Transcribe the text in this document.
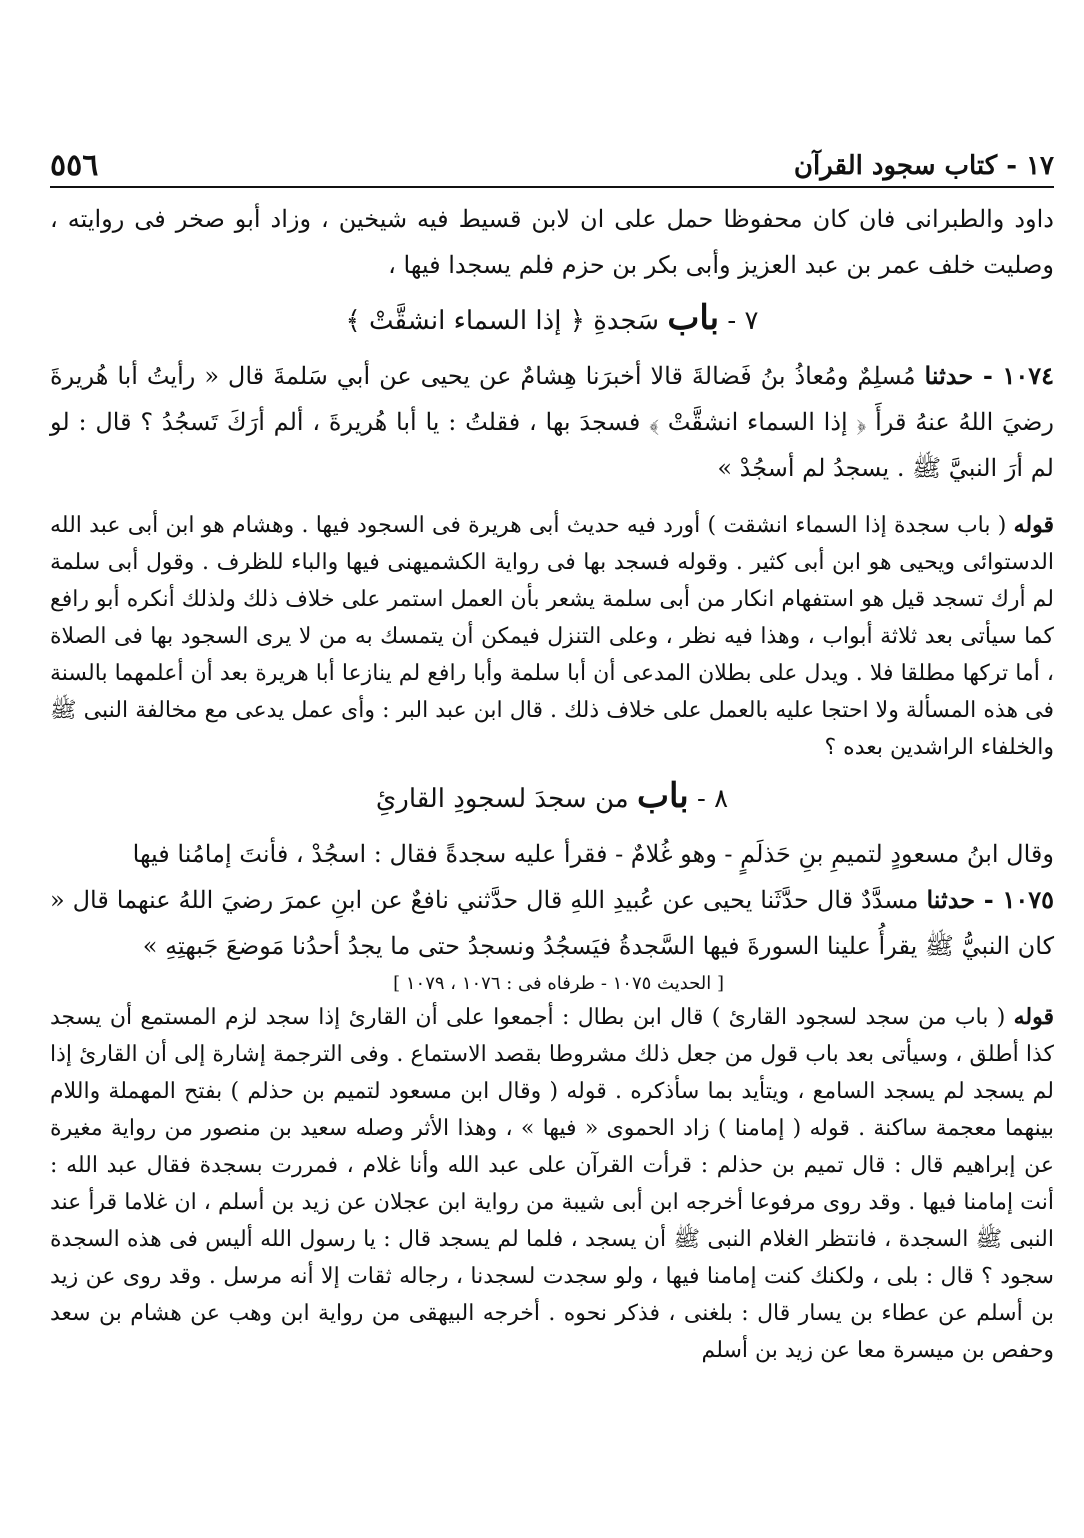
١٧ - كتاب سجود القرآن
٥٥٦

داود والطبرانى فان كان محفوظا حمل على ان لابن قسيط فيه شيخين ، وزاد أبو صخر فى روايته ، وصليت خلف عمر بن عبد العزيز وأبى بكر بن حزم فلم يسجدا فيها ،

٧ - باب سَجدةِ ﴿ إذا السماء انشقَّتْ ﴾

١٠٧٤ - حدثنا مُسلِمٌ ومُعاذُ بنُ فَضالةَ قالا أخبرَنا هِشامٌ عن يحيى عن أبي سَلمةَ قال « رأيتُ أبا هُريرةَ رضيَ اللهُ عنهُ قرأَ ﴿ إذا السماء انشقَّتْ ﴾ فسجدَ بها ، فقلتُ : يا أبا هُريرةَ ، ألم أرَكَ تَسجُدُ ؟ قال : لو لم أرَ النبيَّ ﷺ . يسجدُ لم أسجُدْ »

قوله ( باب سجدة إذا السماء انشقت ) أورد فيه حديث أبى هريرة فى السجود فيها . وهشام هو ابن أبى عبد الله الدستوائى ويحيى هو ابن أبى كثير . وقوله فسجد بها فى رواية الكشميهنى فيها والباء للظرف . وقول أبى سلمة لم أرك تسجد قيل هو استفهام انكار من أبى سلمة يشعر بأن العمل استمر على خلاف ذلك ولذلك أنكره أبو رافع كما سيأتى بعد ثلاثة أبواب ، وهذا فيه نظر ، وعلى التنزل فيمكن أن يتمسك به من لا يرى السجود بها فى الصلاة ، أما تركها مطلقا فلا . ويدل على بطلان المدعى أن أبا سلمة وأبا رافع لم ينازعا أبا هريرة بعد أن أعلمهما بالسنة فى هذه المسألة ولا احتجا عليه بالعمل على خلاف ذلك . قال ابن عبد البر : وأى عمل يدعى مع مخالفة النبى ﷺ والخلفاء الراشدين بعده ؟

٨ - باب من سجدَ لسجودِ القارئِ

وقال ابنُ مسعودٍ لتميمِ بنِ حَذلَمٍ - وهو غُلامٌ - فقرأ عليه سجدةً فقال : اسجُدْ ، فأنتَ إمامُنا فيها

١٠٧٥ - حدثنا مسدَّدٌ قال حدَّثَنا يحيى عن عُبيدِ اللهِ قال حدَّثني نافعٌ عن ابنِ عمرَ رضيَ اللهُ عنهما قال « كان النبيُّ ﷺ يقرأُ علينا السورةَ فيها السَّجدةُ فيَسجُدُ ونسجدُ حتى ما يجدُ أحدُنا مَوضعَ جَبهتِهِ »

[ الحديث ١٠٧٥ - طرفاه فى : ١٠٧٦ ، ١٠٧٩ ]

قوله ( باب من سجد لسجود القارئ ) قال ابن بطال : أجمعوا على أن القارئ إذا سجد لزم المستمع أن يسجد كذا أطلق ، وسيأتى بعد باب قول من جعل ذلك مشروطا بقصد الاستماع . وفى الترجمة إشارة إلى أن القارئ إذا لم يسجد لم يسجد السامع ، ويتأيد بما سأذكره . قوله ( وقال ابن مسعود لتميم بن حذلم ) بفتح المهملة واللام بينهما معجمة ساكنة . قوله ( إمامنا ) زاد الحموى « فيها » ، وهذا الأثر وصله سعيد بن منصور من رواية مغيرة عن إبراهيم قال : قال تميم بن حذلم : قرأت القرآن على عبد الله وأنا غلام ، فمررت بسجدة فقال عبد الله : أنت إمامنا فيها . وقد روى مرفوعا أخرجه ابن أبى شيبة من رواية ابن عجلان عن زيد بن أسلم ، ان غلاما قرأ عند النبى ﷺ السجدة ، فانتظر الغلام النبى ﷺ أن يسجد ، فلما لم يسجد قال : يا رسول الله أليس فى هذه السجدة سجود ؟ قال : بلى ، ولكنك كنت إمامنا فيها ، ولو سجدت لسجدنا ، رجاله ثقات إلا أنه مرسل . وقد روى عن زيد بن أسلم عن عطاء بن يسار قال : بلغنى ، فذكر نحوه . أخرجه البيهقى من رواية ابن وهب عن هشام بن سعد وحفص بن ميسرة معا عن زيد بن أسلم
